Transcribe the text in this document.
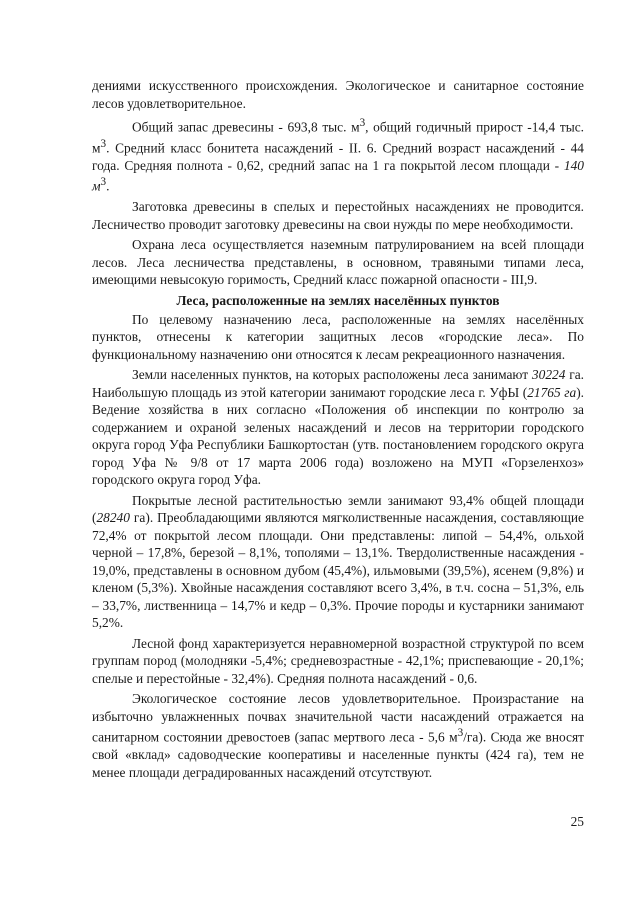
дениями искусственного происхождения. Экологическое и санитарное состояние лесов удовлетворительное.

Общий запас древесины - 693,8 тыс. $м^3$, общий годичный прирост -14,4 тыс. $м^3$. Средний класс бонитета насаждений - II. 6. Средний возраст насаждений - 44 года. Средняя полнота - 0,62, средний запас на 1 га покрытой лесом площади - 140 $м^3$.

Заготовка древесины в спелых и перестойных насаждениях не проводится. Лесничество проводит заготовку древесины на свои нужды по мере необходимости.

Охрана леса осуществляется наземным патрулированием на всей площади лесов. Леса лесничества представлены, в основном, травяными типами леса, имеющими невысокую горимость, Средний класс пожарной опасности - III,9.

Леса, расположенные на землях населённых пунктов

По целевому назначению леса, расположенные на землях населённых пунктов, отнесены к категории защитных лесов «городские леса». По функциональному назначению они относятся к лесам рекреационного назначения.

Земли населенных пунктов, на которых расположены леса занимают 30224 га. Наибольшую площадь из этой категории занимают городские леса г. УфЫ (21765 га). Ведение хозяйства в них согласно «Положения об инспекции по контролю за содержанием и охраной зеленых насаждений и лесов на территории городского округа город Уфа Республики Башкортостан (утв. постановлением городского округа город Уфа № 9/8 от 17 марта 2006 года) возложено на МУП «Горзеленхоз» городского округа город Уфа.

Покрытые лесной растительностью земли занимают 93,4% общей площади (28240 га). Преобладающими являются мягколиственные насаждения, составляющие 72,4% от покрытой лесом площади. Они представлены: липой – 54,4%, ольхой черной – 17,8%, березой – 8,1%, тополями – 13,1%. Твердолиственные насаждения - 19,0%, представлены в основном дубом (45,4%), ильмовыми (39,5%), ясенем (9,8%) и кленом (5,3%). Хвойные насаждения составляют всего 3,4%, в т.ч. сосна – 51,3%, ель – 33,7%, лиственница – 14,7% и кедр – 0,3%. Прочие породы и кустарники занимают 5,2%.

Лесной фонд характеризуется неравномерной возрастной структурой по всем группам пород (молодняки -5,4%; средневозрастные - 42,1%; приспевающие - 20,1%; спелые и перестойные - 32,4%). Средняя полнота насаждений - 0,6.

Экологическое состояние лесов удовлетворительное. Произрастание на избыточно увлажненных почвах значительной части насаждений отражается на санитарном состоянии древостоев (запас мертвого леса - 5,6 $м^3/га$). Сюда же вносят свой «вклад» садоводческие кооперативы и населенные пункты (424 га), тем не менее площади деградированных насаждений отсутствуют.

25
